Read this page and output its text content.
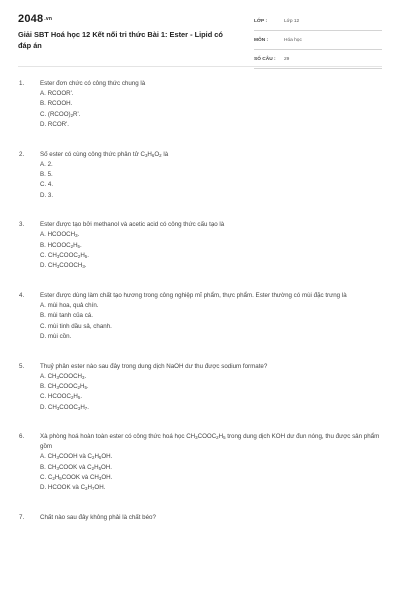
2048.vn
Giải SBT Hoá học 12 Kết nối tri thức Bài 1: Ester - Lipid có đáp án
LỚP :	Lớp 12
MÔN :	Hóa học
SỐ CÂU :	29
1.	Ester đơn chức có công thức chung là
A. RCOOR'.
B. RCOOH.
C. $(RCOO)_2R'$.
D. RCOR'.
2.	Số ester có cùng công thức phân tử $C_3H_6O_2$ là
A. 2.
B. 5.
C. 4.
D. 3.
3.	Ester được tạo bởi methanol và acetic acid có công thức cấu tạo là
A. $HCOOCH_3$.
B. $HCOOC_2H_5$.
C. $CH_3COOC_2H_5$.
D. $CH_3COOCH_3$.
4.	Ester được dùng làm chất tạo hương trong công nghiệp mĩ phẩm, thực phẩm. Ester thường có mùi đặc trưng là
A. mùi hoa, quả chín.
B. mùi tanh của cá.
C. mùi tinh dầu sả, chanh.
D. mùi cồn.
5.	Thuỷ phân ester nào sau đây trong dung dịch NaOH dư thu được sodium formate?
A. $CH_3COOCH_3$.
B. $CH_3COOC_2H_5$.
C. $HCOOC_2H_5$.
D. $CH_3COOC_3H_7$.
6.	Xà phòng hoá hoàn toàn ester có công thức hoá học $CH_3COOC_2H_5$ trong dung dịch KOH dư đun nóng, thu được sản phẩm gồm
A. $CH_3COOH$ và $C_2H_5OH$.
B. $CH_3COOK$ và $C_2H_5OH$.
C. $C_2H_5COOK$ và $CH_3OH$.
D. HCOOK và $C_3H_7OH$.
7.	Chất nào sau đây không phải là chất béo?
